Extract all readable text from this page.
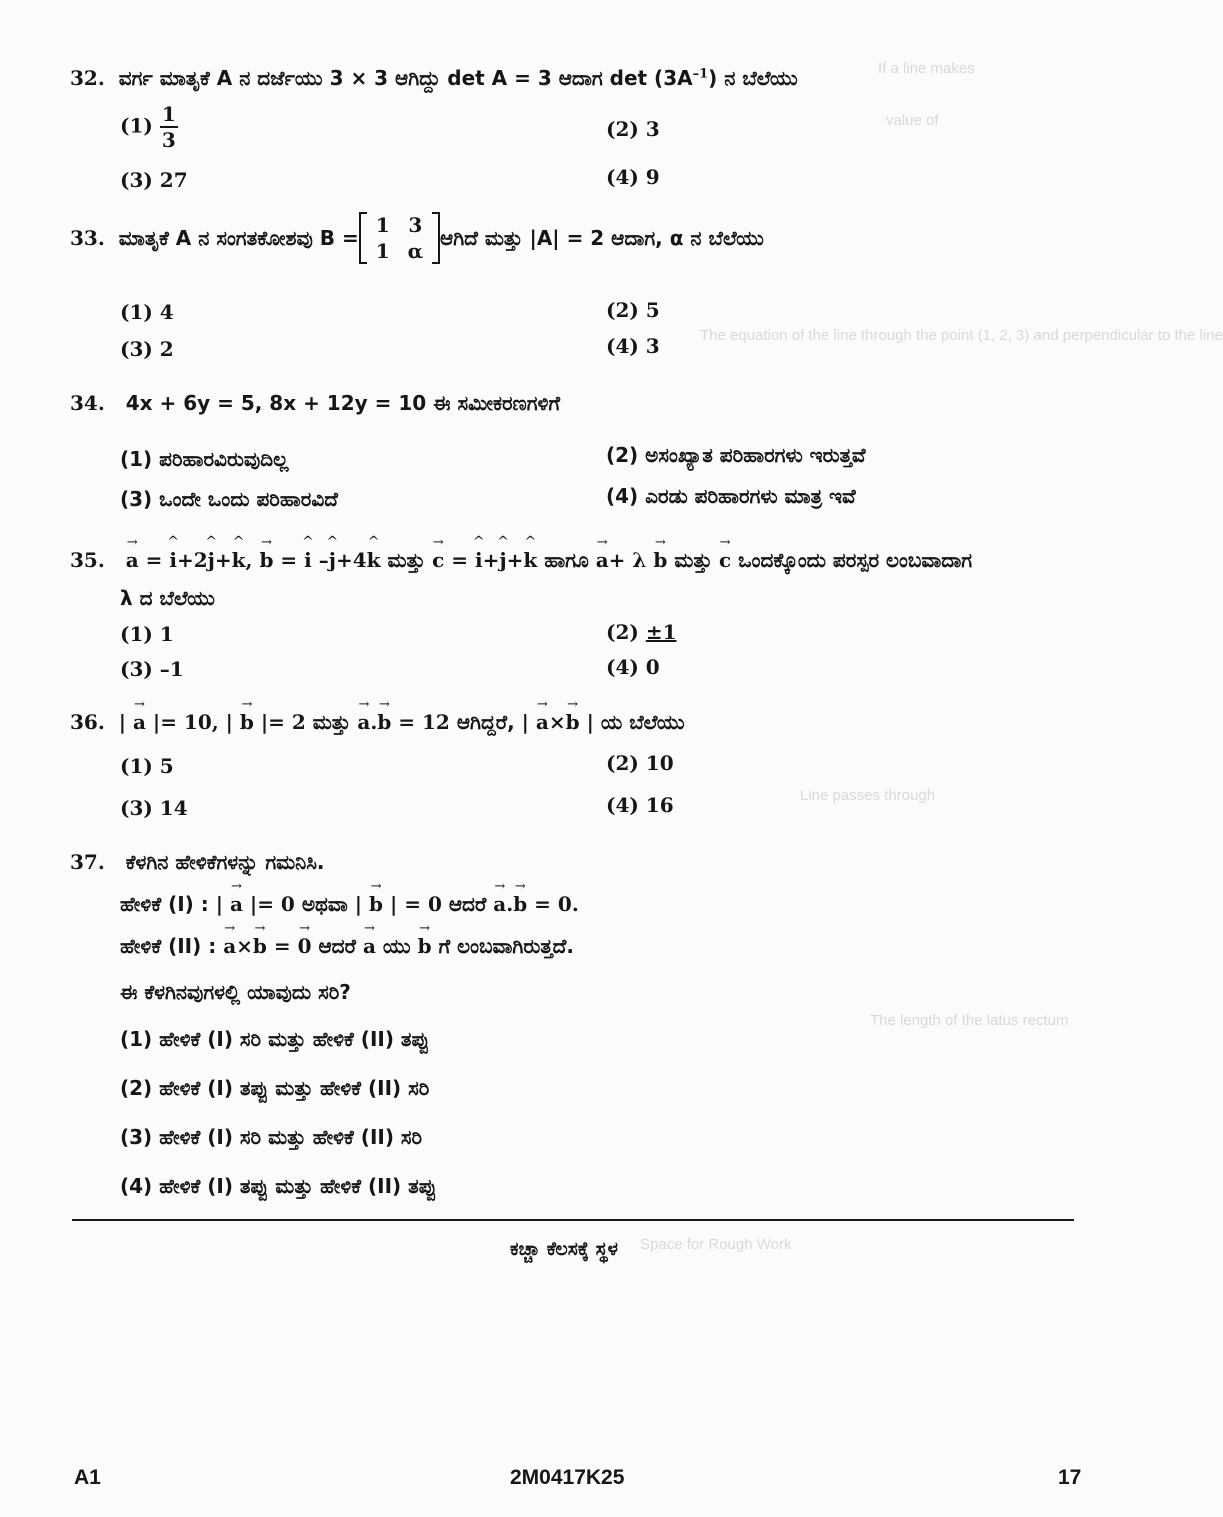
If a line makes
value of
The equation of the line through the point (1, 2, 3) and perpendicular to the line
Line passes through
The length of the latus rectum
Space for Rough Work
32. ವರ್ಗ ಮಾತೃಕೆ A ನ ದರ್ಜೆಯು 3 × 3 ಆಗಿದ್ದು det A = 3 ಆದಾಗ $\det (3A^{-1})$ ನ ಬೆಲೆಯು
$(1) \frac{1}{3}$	(2) 3
(3) 27	(4) 9
33.
ಮಾತೃಕೆ A ನ ಸಂಗತಕೋಶವು B =
1	3
1	α
ಆಗಿದೆ ಮತ್ತು |A| = 2 ಆದಾಗ, α ನ ಬೆಲೆಯು
(1) 4	(2) 5
(3) 2	(4) 3
34. 4x + 6y = 5, 8x + 12y = 10 ಈ ಸಮೀಕರಣಗಳಿಗೆ
(1) ಪರಿಹಾರವಿರುವುದಿಲ್ಲ	(2) ಅಸಂಖ್ಯಾತ ಪರಿಹಾರಗಳು ಇರುತ್ತವೆ
(3) ಒಂದೇ ಒಂದು ಪರಿಹಾರವಿದೆ	(4) ಎರಡು ಪರಿಹಾರಗಳು ಮಾತ್ರ ಇವೆ
35. → a = ^ i+2^ j+^ k, → b = ^ i –^ j+4^ k ಮತ್ತು → c = ^ i+^ j+^ k ಹಾಗೂ → a+ λ → b ಮತ್ತು → c ಒಂದಕ್ಕೊಂದು ಪರಸ್ಪರ ಲಂಬವಾದಾಗ
λ ದ ಬೆಲೆಯು
(1) 1	(2) ±1
(3) –1	(4) 0
36. | → a |= 10, | → b |= 2 ಮತ್ತು → a.→ b = 12 ಆಗಿದ್ದರೆ, | → a×→ b | ಯ ಬೆಲೆಯು
(1) 5	(2) 10
(3) 14	(4) 16
37. ಕೆಳಗಿನ ಹೇಳಿಕೆಗಳನ್ನು ಗಮನಿಸಿ.
ಹೇಳಿಕೆ (I) : | → a |= 0 ಅಥವಾ | → b | = 0 ಆದರೆ → a.→ b = 0.
ಹೇಳಿಕೆ (II) : → a×→ b = → 0 ಆದರೆ → a ಯು → b ಗೆ ಲಂಬವಾಗಿರುತ್ತದೆ.
ಈ ಕೆಳಗಿನವುಗಳಲ್ಲಿ ಯಾವುದು ಸರಿ?
(1) ಹೇಳಿಕೆ (I) ಸರಿ ಮತ್ತು ಹೇಳಿಕೆ (II) ತಪ್ಪು
(2) ಹೇಳಿಕೆ (I) ತಪ್ಪು ಮತ್ತು ಹೇಳಿಕೆ (II) ಸರಿ
(3) ಹೇಳಿಕೆ (I) ಸರಿ ಮತ್ತು ಹೇಳಿಕೆ (II) ಸರಿ
(4) ಹೇಳಿಕೆ (I) ತಪ್ಪು ಮತ್ತು ಹೇಳಿಕೆ (II) ತಪ್ಪು
ಕಚ್ಚಾ ಕೆಲಸಕ್ಕೆ ಸ್ಥಳ
A1	2M0417K25	17
